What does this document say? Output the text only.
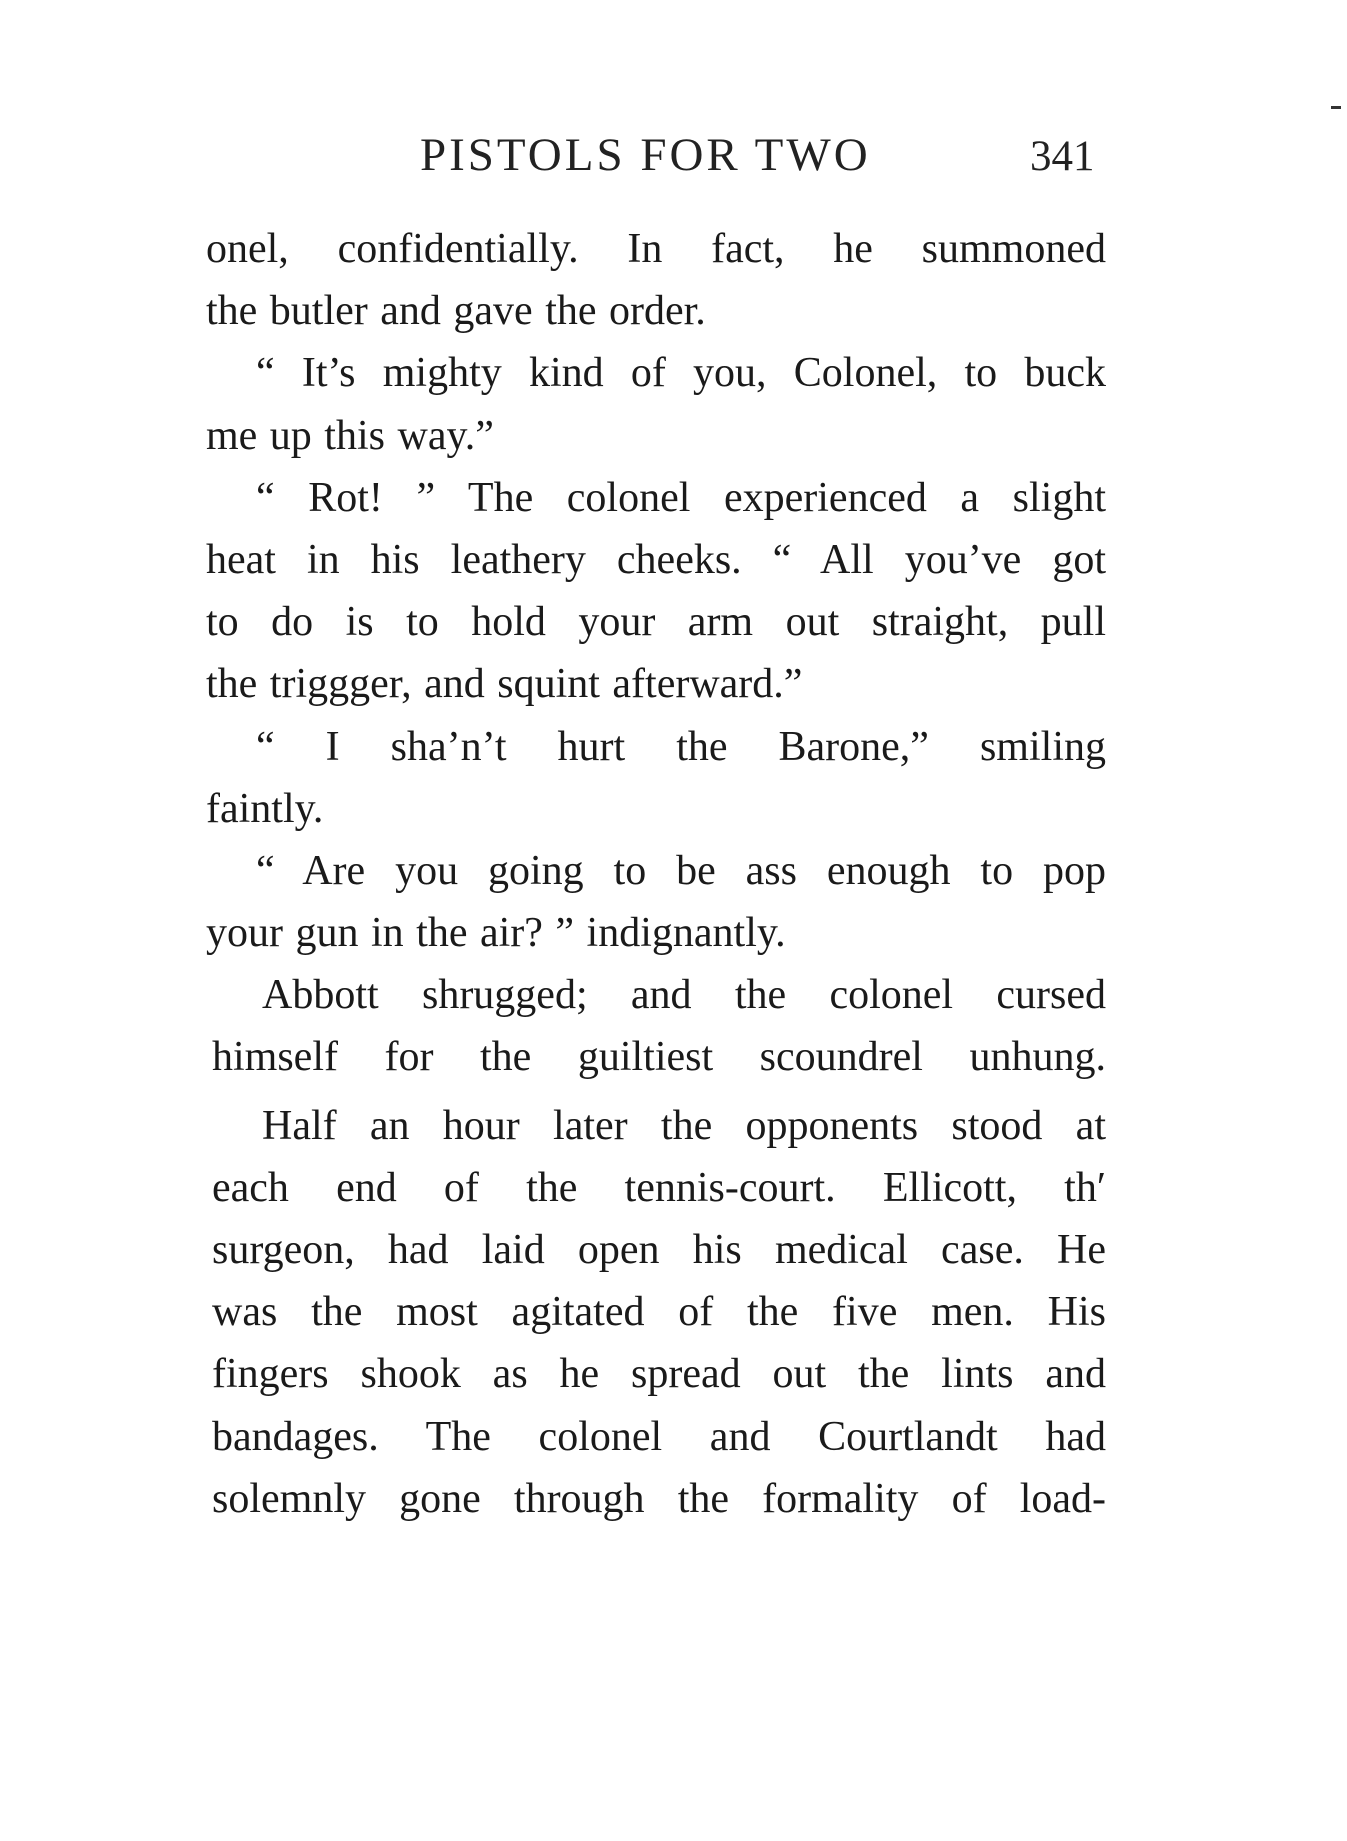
PISTOLS FOR TWO	341
onel, confidentially. In fact, he summoned
the butler and gave the order.
“ It’s mighty kind of you, Colonel, to buck
me up this way.”
“ Rot! ” The colonel experienced a slight
heat in his leathery cheeks. “ All you’ve got
to do is to hold your arm out straight, pull
the triggger, and squint afterward.”
“ I sha’n’t hurt the Barone,” smiling
faintly.
“ Are you going to be ass enough to pop
your gun in the air? ” indignantly.
Abbott shrugged; and the colonel cursed
himself for the guiltiest scoundrel unhung.
Half an hour later the opponents stood at
each end of the tennis-court. Ellicott, th′
surgeon, had laid open his medical case. He
was the most agitated of the five men. His
fingers shook as he spread out the lints and
bandages. The colonel and Courtlandt had
solemnly gone through the formality of load-
